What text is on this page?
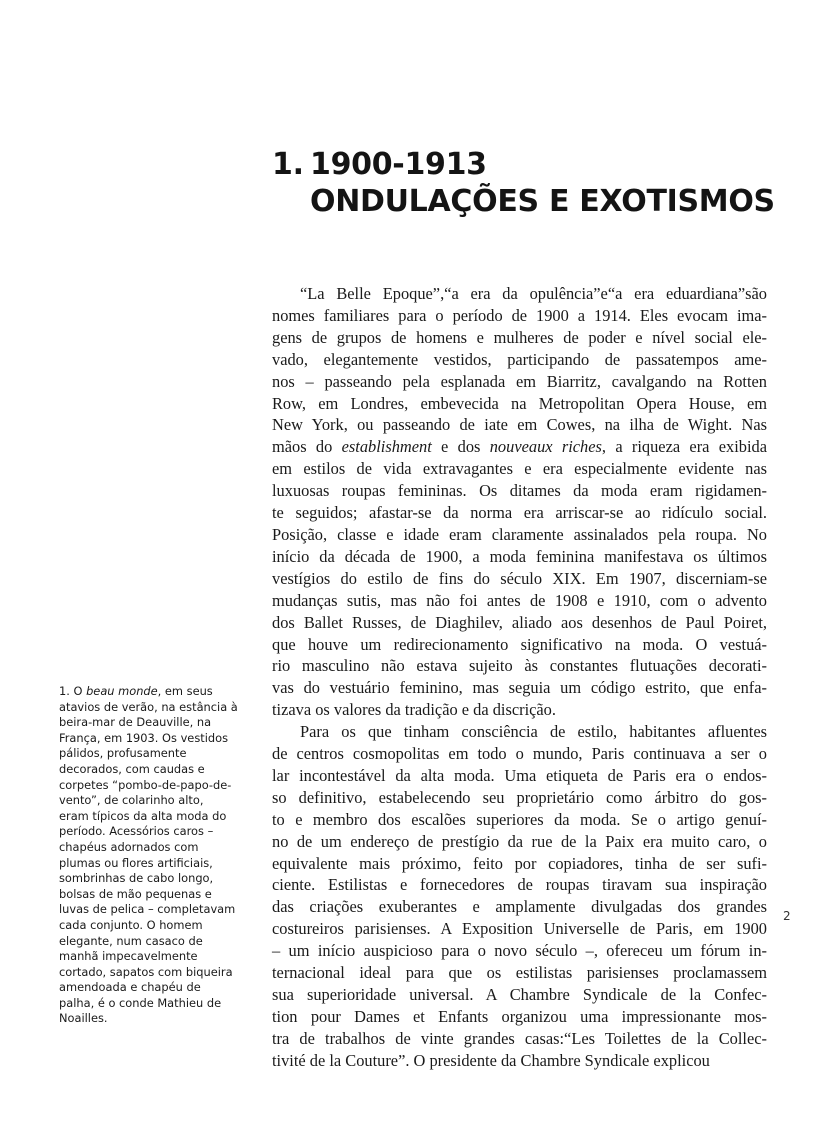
1. 1900-1913
ONDULAÇÕES E EXOTISMOS
“La Belle Epoque”,“a era da opulência”e“a era eduardiana”são
nomes familiares para o período de 1900 a 1914. Eles evocam ima-
gens de grupos de homens e mulheres de poder e nível social ele-
vado, elegantemente vestidos, participando de passatempos ame-
nos – passeando pela esplanada em Biarritz, cavalgando na Rotten
Row, em Londres, embevecida na Metropolitan Opera House, em
New York, ou passeando de iate em Cowes, na ilha de Wight. Nas
mãos do establishment e dos nouveaux riches, a riqueza era exibida
em estilos de vida extravagantes e era especialmente evidente nas
luxuosas roupas femininas. Os ditames da moda eram rigidamen-
te seguidos; afastar-se da norma era arriscar-se ao ridículo social.
Posição, classe e idade eram claramente assinalados pela roupa. No
início da década de 1900, a moda feminina manifestava os últimos
vestígios do estilo de fins do século XIX. Em 1907, discerniam-se
mudanças sutis, mas não foi antes de 1908 e 1910, com o advento
dos Ballet Russes, de Diaghilev, aliado aos desenhos de Paul Poiret,
que houve um redirecionamento significativo na moda. O vestuá-
rio masculino não estava sujeito às constantes flutuações decorati-
vas do vestuário feminino, mas seguia um código estrito, que enfa-
tizava os valores da tradição e da discrição.
Para os que tinham consciência de estilo, habitantes afluentes
de centros cosmopolitas em todo o mundo, Paris continuava a ser o
lar incontestável da alta moda. Uma etiqueta de Paris era o endos-
so definitivo, estabelecendo seu proprietário como árbitro do gos-
to e membro dos escalões superiores da moda. Se o artigo genuí-
no de um endereço de prestígio da rue de la Paix era muito caro, o
equivalente mais próximo, feito por copiadores, tinha de ser sufi-
ciente. Estilistas e fornecedores de roupas tiravam sua inspiração
das criações exuberantes e amplamente divulgadas dos grandes
costureiros parisienses. A Exposition Universelle de Paris, em 1900
– um início auspicioso para o novo século –, ofereceu um fórum in-
ternacional ideal para que os estilistas parisienses proclamassem
sua superioridade universal. A Chambre Syndicale de la Confec-
tion pour Dames et Enfants organizou uma impressionante mos-
tra de trabalhos de vinte grandes casas:“Les Toilettes de la Collec-
tivité de la Couture”. O presidente da Chambre Syndicale explicou
1. O beau monde, em seus
atavios de verão, na estância à
beira-mar de Deauville, na
França, em 1903. Os vestidos
pálidos, profusamente
decorados, com caudas e
corpetes “pombo-de-papo-de-
vento”, de colarinho alto,
eram típicos da alta moda do
período. Acessórios caros –
chapéus adornados com
plumas ou flores artificiais,
sombrinhas de cabo longo,
bolsas de mão pequenas e
luvas de pelica – completavam
cada conjunto. O homem
elegante, num casaco de
manhã impecavelmente
cortado, sapatos com biqueira
amendoada e chapéu de
palha, é o conde Mathieu de
Noailles.
2
